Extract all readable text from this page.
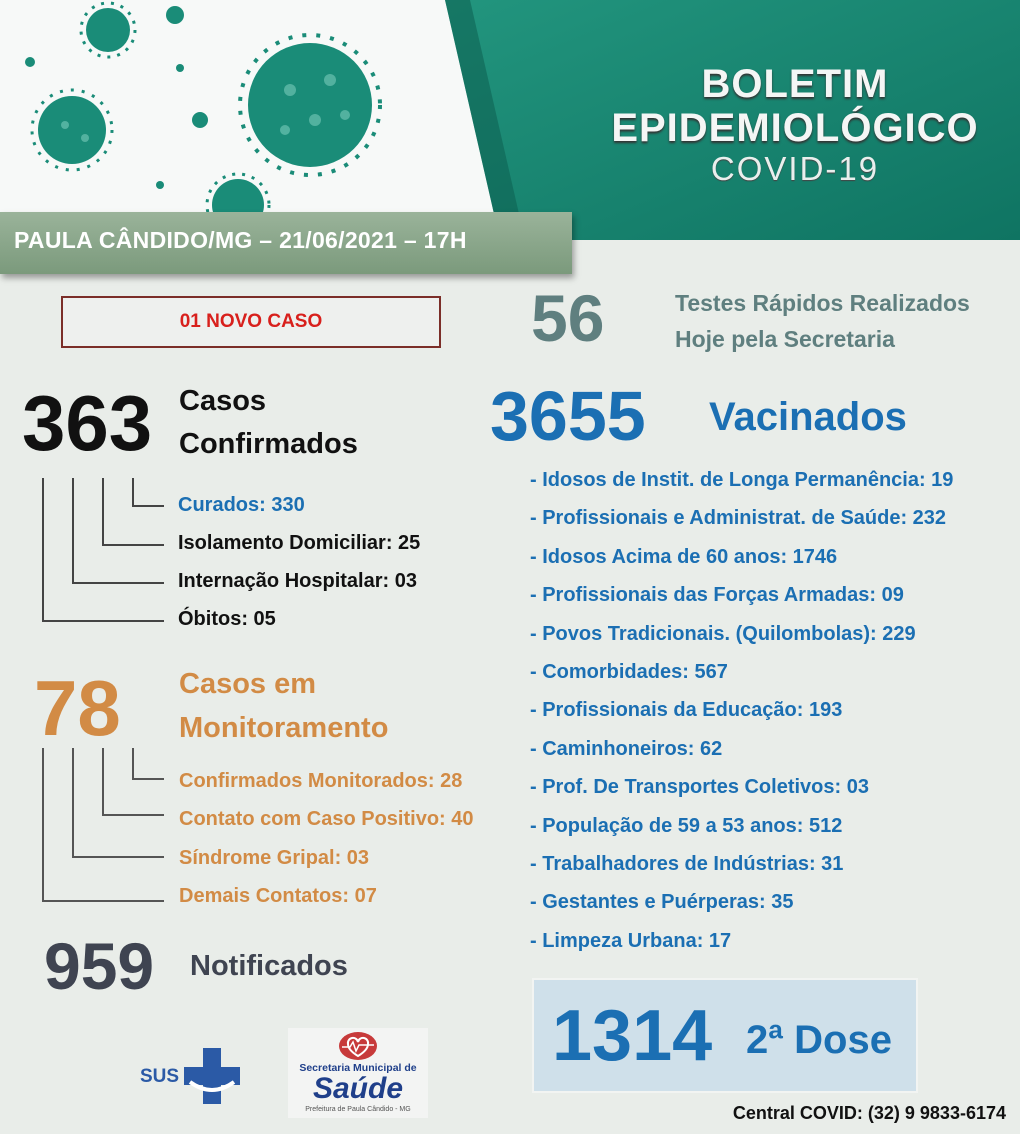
BOLETIM
EPIDEMIOLÓGICO
COVID-19
PAULA CÂNDIDO/MG – 21/06/2021 – 17H
01 NOVO CASO
363 Casos
Confirmados
Curados: 330
Isolamento Domiciliar: 25
Internação Hospitalar: 03
Óbitos: 05
78 Casos em
Monitoramento
Confirmados Monitorados: 28
Contato com Caso Positivo: 40
Síndrome Gripal: 03
Demais Contatos: 07
959 Notificados
56	Testes Rápidos Realizados
Hoje pela Secretaria
3655 Vacinados
- Idosos de Instit. de Longa Permanência: 19
- Profissionais e Administrat. de Saúde: 232
- Idosos Acima de 60 anos: 1746
- Profissionais das Forças Armadas: 09
- Povos Tradicionais. (Quilombolas): 229
- Comorbidades: 567
- Profissionais da Educação: 193
- Caminhoneiros: 62
- Prof. De Transportes Coletivos: 03
- População de 59 a 53 anos: 512
- Trabalhadores de Indústrias: 31
- Gestantes e Puérperas: 35
- Limpeza Urbana: 17
1314 2ª Dose
SUS	Secretaria Municipal de
Saúde
Prefeitura de Paula Cândido - MG	Central COVID: (32) 9 9833-6174
